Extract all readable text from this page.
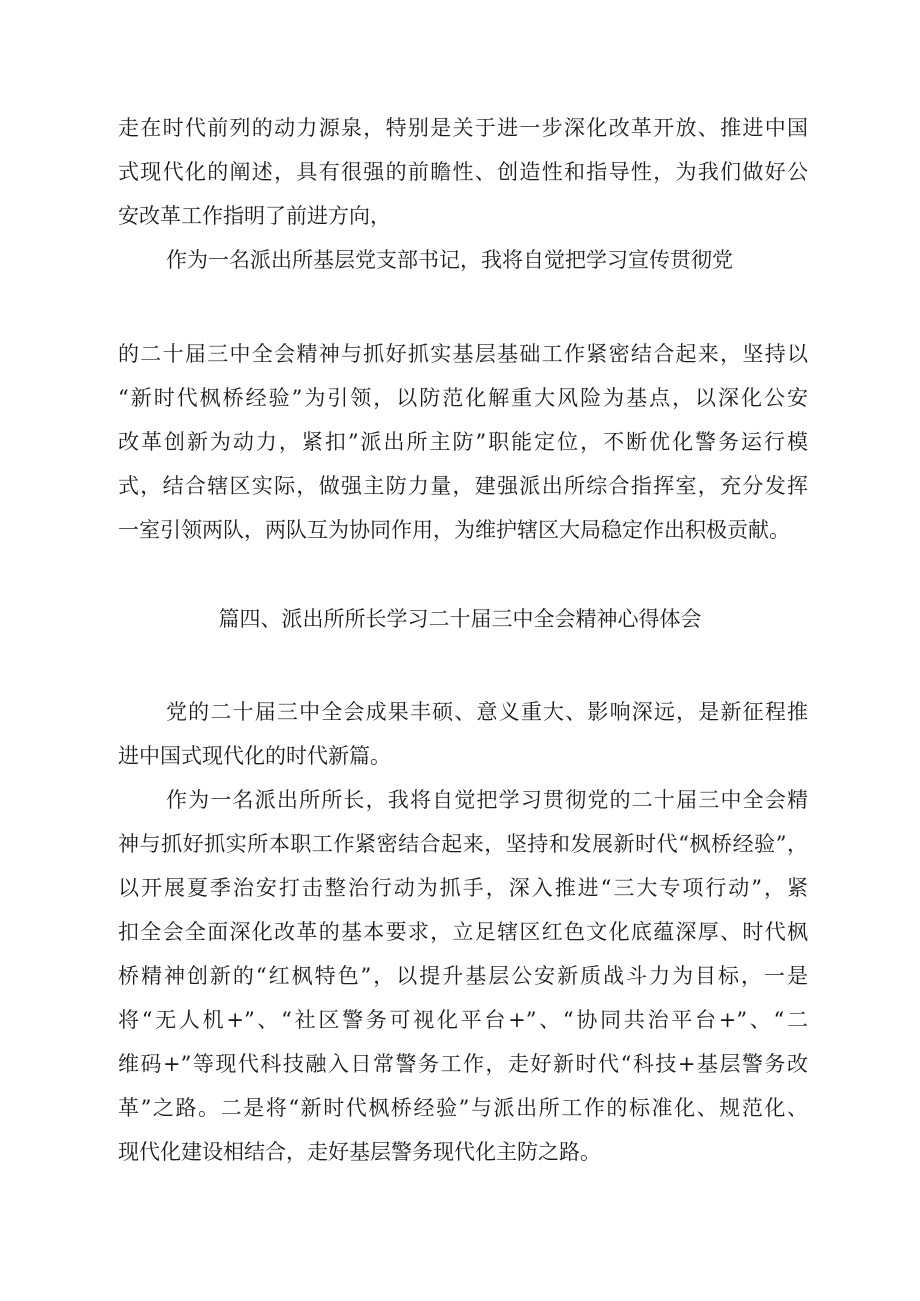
走在时代前列的动力源泉，特别是关于进一步深化改革开放、推进中国
式现代化的阐述，具有很强的前瞻性、创造性和指导性，为我们做好公
安改革工作指明了前进方向，
作为一名派出所基层党支部书记，我将自觉把学习宣传贯彻党
的二十届三中全会精神与抓好抓实基层基础工作紧密结合起来，坚持以
“新时代枫桥经验”为引领，以防范化解重大风险为基点，以深化公安
改革创新为动力，紧扣”派出所主防”职能定位，不断优化警务运行模
式，结合辖区实际，做强主防力量，建强派出所综合指挥室，充分发挥
一室引领两队，两队互为协同作用，为维护辖区大局稳定作出积极贡献。
篇四、派出所所长学习二十届三中全会精神心得体会
党的二十届三中全会成果丰硕、意义重大、影响深远，是新征程推
进中国式现代化的时代新篇。
作为一名派出所所长，我将自觉把学习贯彻党的二十届三中全会精
神与抓好抓实所本职工作紧密结合起来，坚持和发展新时代“枫桥经验”，
以开展夏季治安打击整治行动为抓手，深入推进“三大专项行动”，紧
扣全会全面深化改革的基本要求，立足辖区红色文化底蕴深厚、时代枫
桥精神创新的“红枫特色”，以提升基层公安新质战斗力为目标，一是
将“无人机+”、“社区警务可视化平台+”、“协同共治平台+”、“二
维码+”等现代科技融入日常警务工作，走好新时代“科技+基层警务改
革”之路。二是将“新时代枫桥经验”与派出所工作的标准化、规范化、
现代化建设相结合，走好基层警务现代化主防之路。
